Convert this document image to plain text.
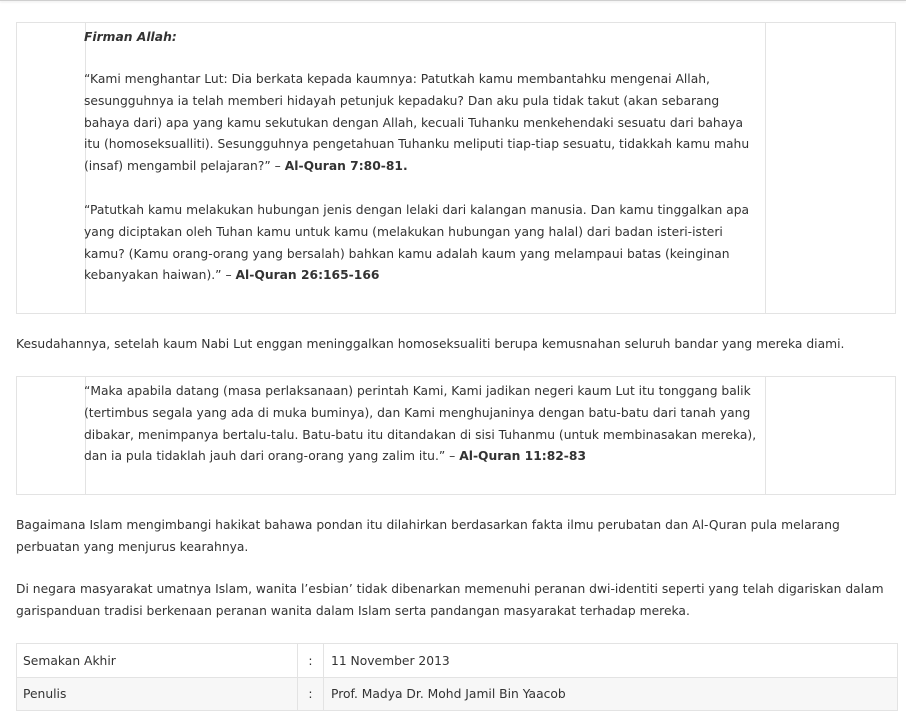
Firman Allah:
“Kami menghantar Lut: Dia berkata kepada kaumnya: Patutkah kamu membantahku mengenai Allah, sesungguhnya ia telah memberi hidayah petunjuk kepadaku? Dan aku pula tidak takut (akan sebarang bahaya dari) apa yang kamu sekutukan dengan Allah, kecuali Tuhanku menkehendaki sesuatu dari bahaya itu (homoseksualliti). Sesungguhnya pengetahuan Tuhanku meliputi tiap-tiap sesuatu, tidakkah kamu mahu (insaf) mengambil pelajaran?” – Al-Quran 7:80-81.
“Patutkah kamu melakukan hubungan jenis dengan lelaki dari kalangan manusia. Dan kamu tinggalkan apa yang diciptakan oleh Tuhan kamu untuk kamu (melakukan hubungan yang halal) dari badan isteri-isteri kamu? (Kamu orang-orang yang bersalah) bahkan kamu adalah kaum yang melampaui batas (keinginan kebanyakan haiwan).” – Al-Quran 26:165-166
Kesudahannya, setelah kaum Nabi Lut enggan meninggalkan homoseksualiti berupa kemusnahan seluruh bandar yang mereka diami.
“Maka apabila datang (masa perlaksanaan) perintah Kami, Kami jadikan negeri kaum Lut itu tonggang balik (tertimbus segala yang ada di muka buminya), dan Kami menghujaninya dengan batu-batu dari tanah yang dibakar, menimpanya bertalu-talu. Batu-batu itu ditandakan di sisi Tuhanmu (untuk membinasakan mereka), dan ia pula tidaklah jauh dari orang-orang yang zalim itu.” – Al-Quran 11:82-83
Bagaimana Islam mengimbangi hakikat bahawa pondan itu dilahirkan berdasarkan fakta ilmu perubatan dan Al-Quran pula melarang perbuatan yang menjurus kearahnya.
Di negara masyarakat umatnya Islam, wanita l’esbian’ tidak dibenarkan memenuhi peranan dwi-identiti seperti yang telah digariskan dalam garispanduan tradisi berkenaan peranan wanita dalam Islam serta pandangan masyarakat terhadap mereka.
Semakan Akhir	:	11 November 2013
Penulis	:	Prof. Madya Dr. Mohd Jamil Bin Yaacob
